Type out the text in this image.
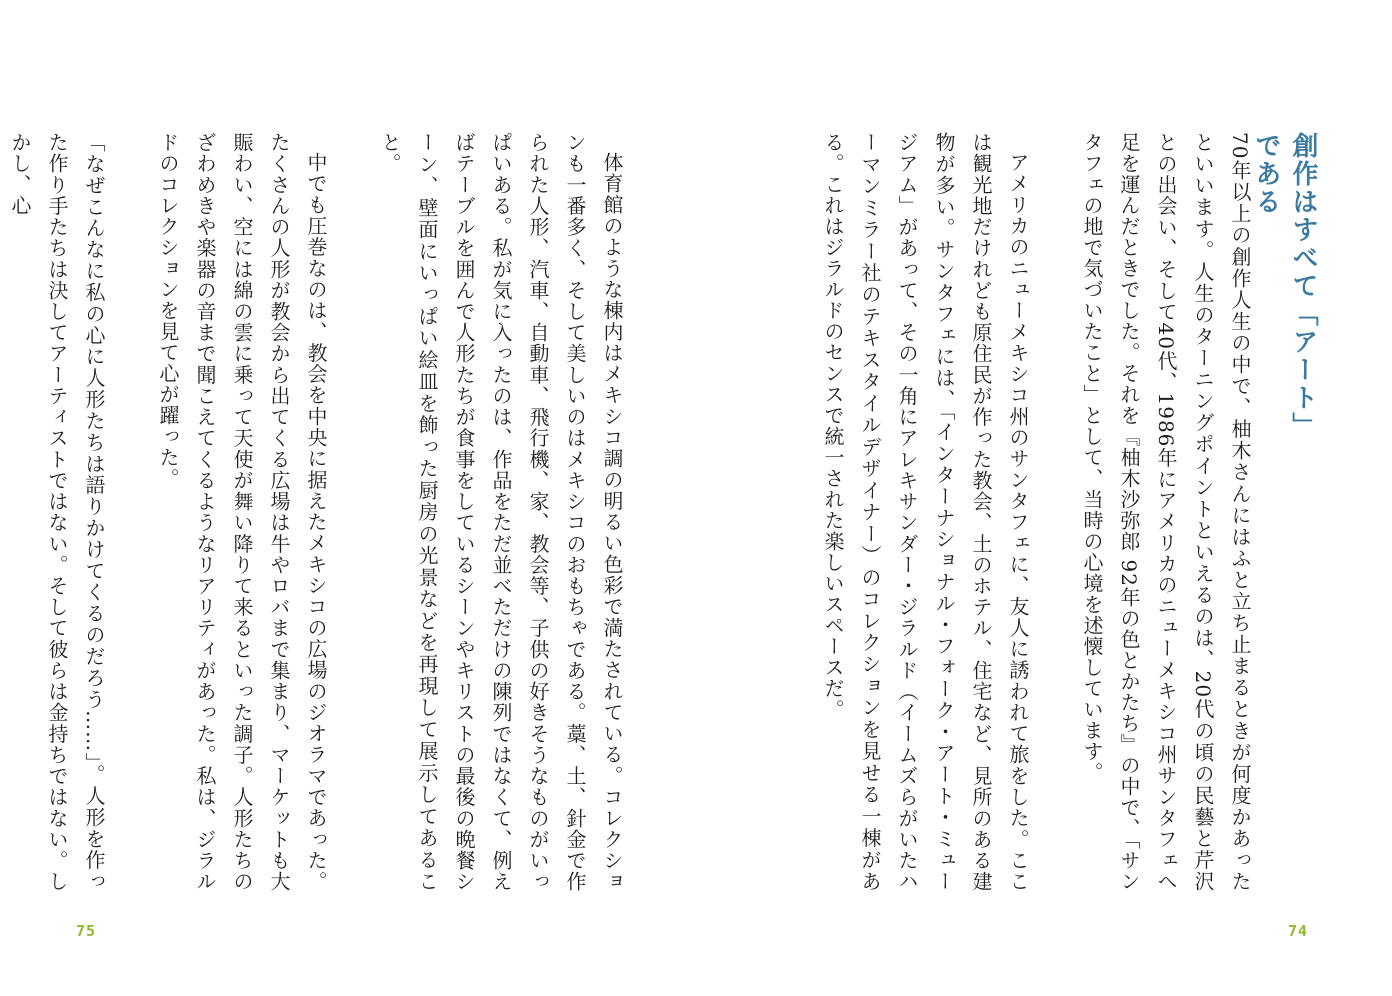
体育館のような棟内はメキシコ調の明るい色彩で満たされている。コレクションも一番多く、そして美しいのはメキシコのおもちゃである。藁、土、針金で作られた人形、汽車、自動車、飛行機、家、教会等、子供の好きそうなものがいっぱいある。私が気に入ったのは、作品をただ並べただけの陳列ではなくて、例えばテーブルを囲んで人形たちが食事をしているシーンやキリストの最後の晩餐シーン、壁面にいっぱい絵皿を飾った厨房の光景などを再現して展示してあること。

中でも圧巻なのは、教会を中央に据えたメキシコの広場のジオラマであった。たくさんの人形が教会から出てくる広場は牛やロバまで集まり、マーケットも大賑わい、空には綿の雲に乗って天使が舞い降りて来るといった調子。人形たちのざわめきや楽器の音まで聞こえてくるようなリアリティがあった。私は、ジラルドのコレクションを見て心が躍った。

「なぜこんなに私の心に人形たちは語りかけてくるのだろう……」。人形を作った作り手たちは決してアーティストではない。そして彼らは金持ちではない。しかし、心

75
創作はすべて「アート」である

70年以上の創作人生の中で、柚木さんにはふと立ち止まるときが何度かあったといいます。人生のターニングポイントといえるのは、20代の頃の民藝と芹沢との出会い、そして40代、1986年にアメリカのニューメキシコ州サンタフェへ足を運んだときでした。それを『柚木沙弥郎 92年の色とかたち』の中で、「サンタフェの地で気づいたこと」として、当時の心境を述懐しています。

アメリカのニューメキシコ州のサンタフェに、友人に誘われて旅をした。ここは観光地だけれども原住民が作った教会、土のホテル、住宅など、見所のある建物が多い。サンタフェには、「インターナショナル・フォーク・アート・ミュージアム」があって、その一角にアレキサンダー・ジラルド（イームズらがいたハーマンミラー社のテキスタイルデザイナー）のコレクションを見せる一棟がある。これはジラルドのセンスで統一された楽しいスペースだ。

74
